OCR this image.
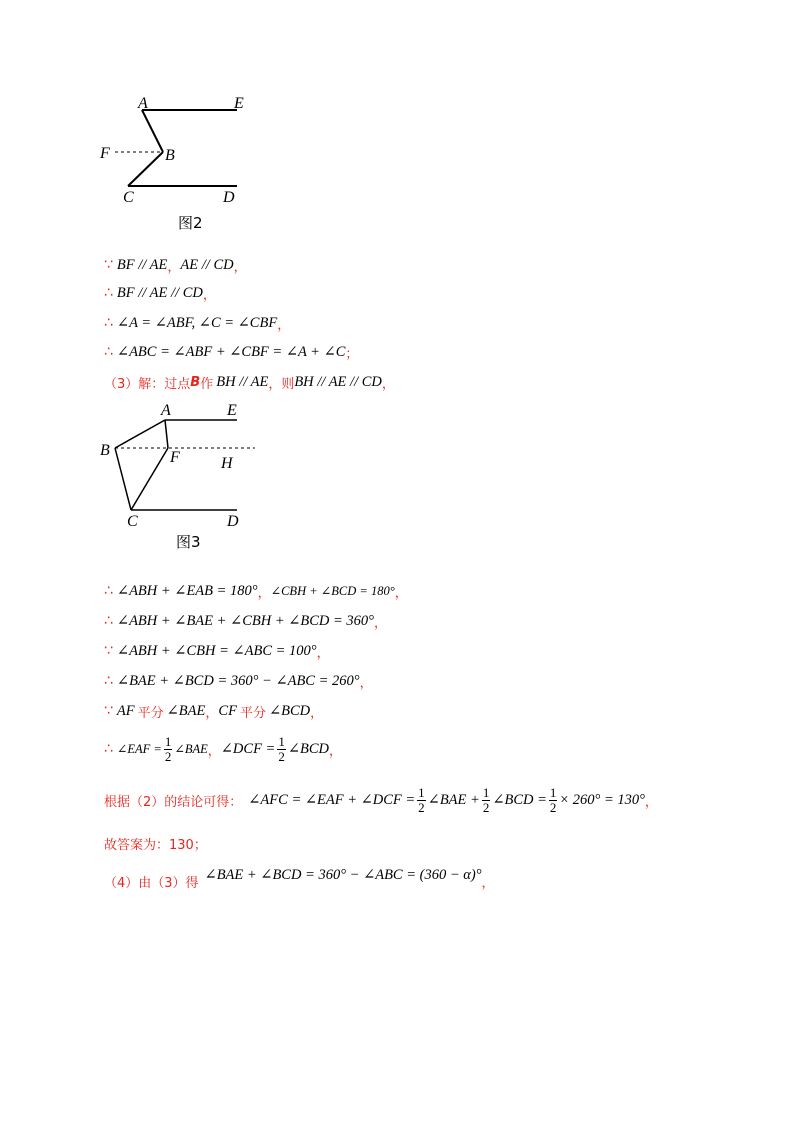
A	E
F	B
C	D
图2
∵ BF // AE ， AE // CD ，
∴ BF // AE // CD ，
∴ ∠A = ∠ABF, ∠C = ∠CBF ，
∴ ∠ABC = ∠ABF + ∠CBF = ∠A + ∠C ；
（3）解：过点 B 作 BH // AE ，则 BH // AE // CD ，
A	E
B	F	H
C	D
图3
∴ ∠ABH + ∠EAB = 180° ， ∠CBH + ∠BCD = 180° ，
∴ ∠ABH + ∠BAE + ∠CBH + ∠BCD = 360° ，
∵ ∠ABH + ∠CBH = ∠ABC = 100° ，
∴ ∠BAE + ∠BCD = 360° − ∠ABC = 260° ，
∵ AF 平分 ∠BAE ， CF 平分 ∠BCD ，
∴ ∠EAF = $\frac{1}{2}$ ∠BAE ， ∠DCF = $\frac{1}{2}$ ∠BCD ，
根据（2）的结论可得： ∠AFC = ∠EAF + ∠DCF = $\frac{1}{2}$ ∠BAE + $\frac{1}{2}$ ∠BCD = $\frac{1}{2} \times 260^\circ = 130^\circ$ ，
故答案为：130；
（4）由（3）得
∠BAE + ∠BCD = 360° − ∠ABC = (360 − α)°
，
